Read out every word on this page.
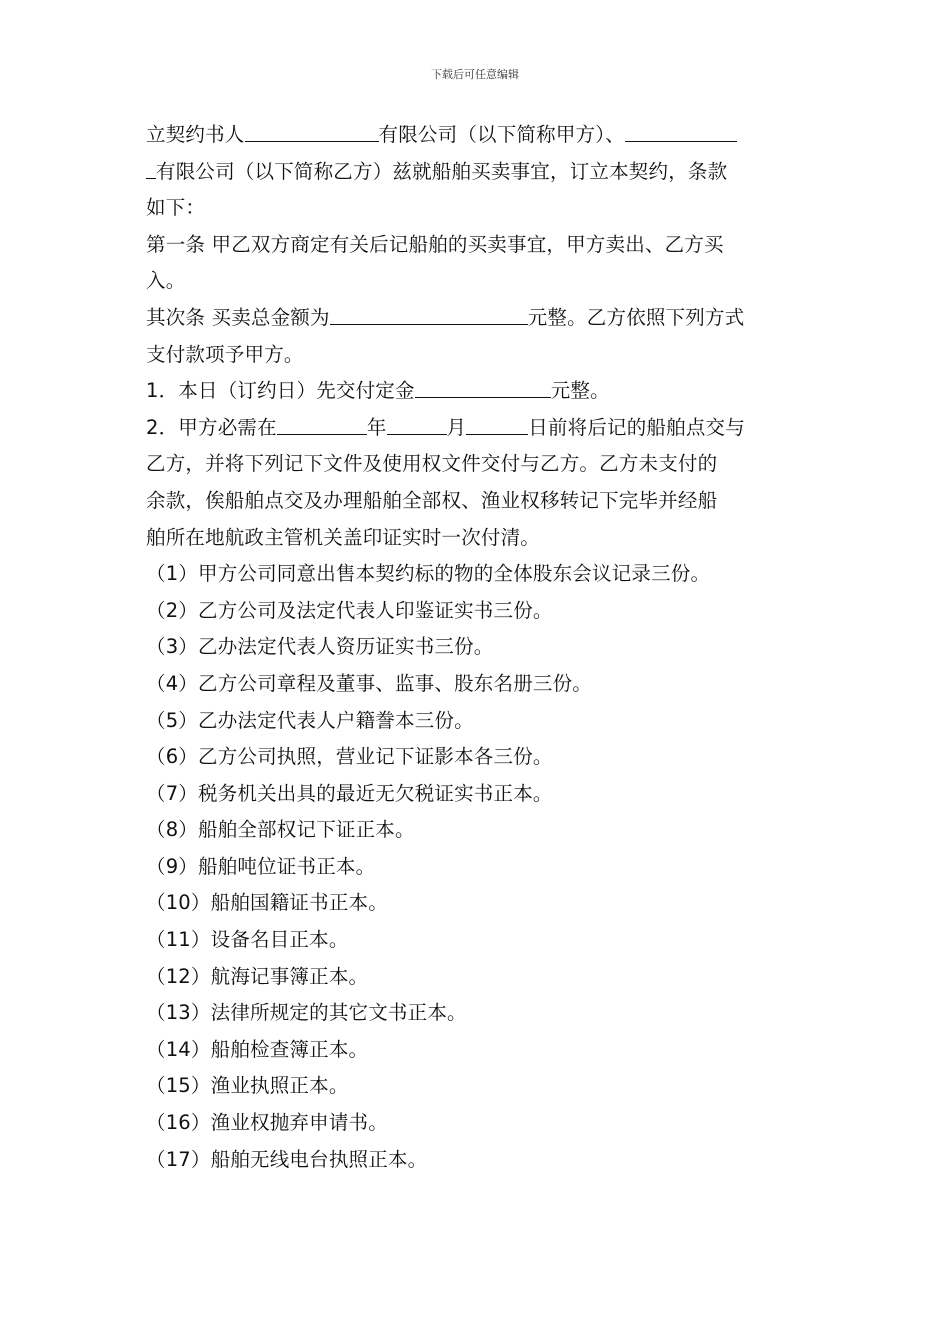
下载后可任意编辑
立契约书人	有限公司（以下简称甲方）、
有限公司（以下简称乙方）兹就船舶买卖事宜，订立本契约，条款
如下：
第一条 甲乙双方商定有关后记船舶的买卖事宜，甲方卖出、乙方买
入。
其次条 买卖总金额为	元整。乙方依照下列方式
支付款项予甲方。
1．本日（订约日）先交付定金	元整。
2．甲方必需在	年	月	日前将后记的船舶点交与
乙方，并将下列记下文件及使用权文件交付与乙方。乙方未支付的
余款，俟船舶点交及办理船舶全部权、渔业权移转记下完毕并经船
舶所在地航政主管机关盖印证实时一次付清。
（1）甲方公司同意出售本契约标的物的全体股东会议记录三份。
（2）乙方公司及法定代表人印鉴证实书三份。
（3）乙办法定代表人资历证实书三份。
（4）乙方公司章程及董事、监事、股东名册三份。
（5）乙办法定代表人户籍誊本三份。
（6）乙方公司执照，营业记下证影本各三份。
（7）税务机关出具的最近无欠税证实书正本。
（8）船舶全部权记下证正本。
（9）船舶吨位证书正本。
（10）船舶国籍证书正本。
（11）设备名目正本。
（12）航海记事簿正本。
（13）法律所规定的其它文书正本。
（14）船舶检查簿正本。
（15）渔业执照正本。
（16）渔业权抛弃申请书。
（17）船舶无线电台执照正本。
